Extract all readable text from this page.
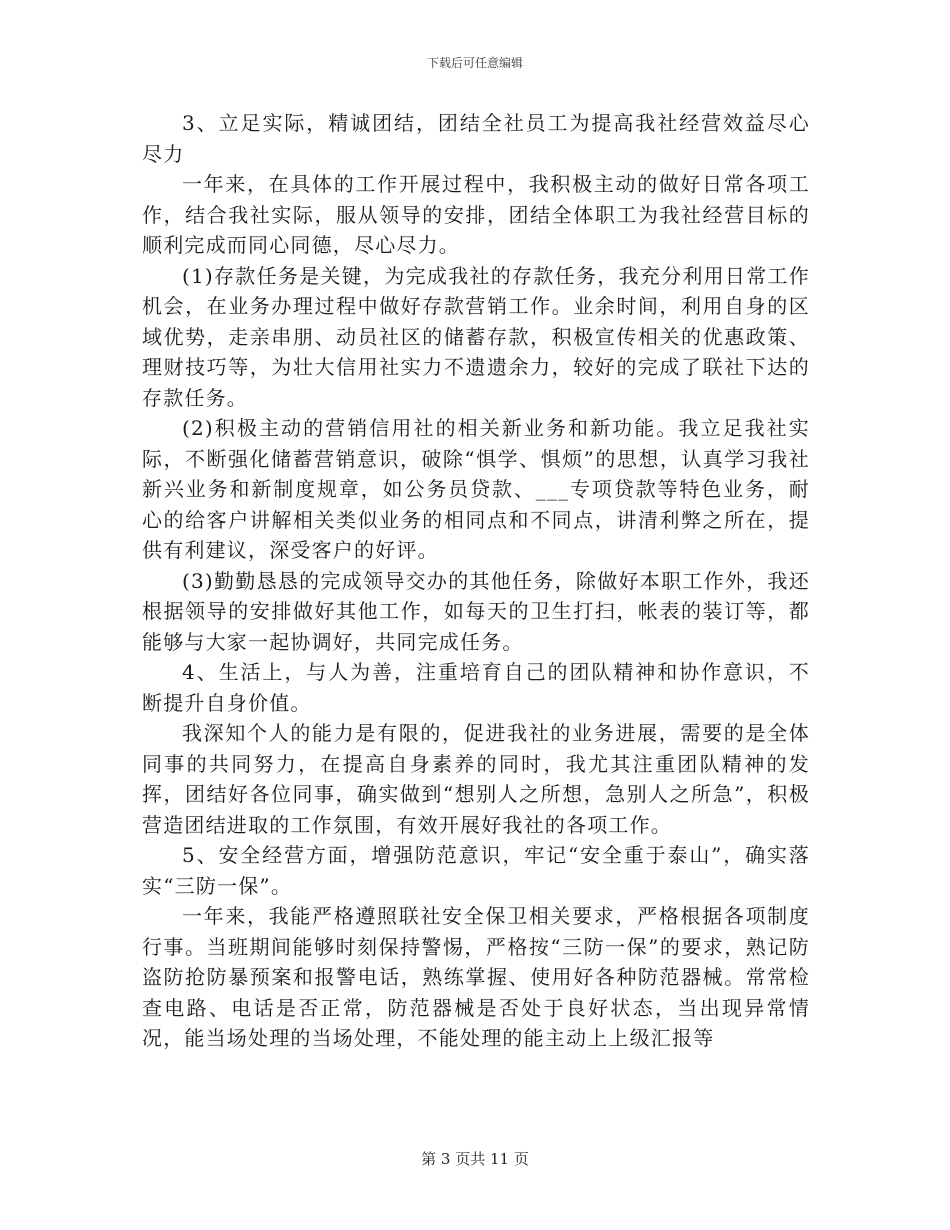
下载后可任意编辑

3、立足实际，精诚团结，团结全社员工为提高我社经营效益尽心尽力

一年来，在具体的工作开展过程中，我积极主动的做好日常各项工作，结合我社实际，服从领导的安排，团结全体职工为我社经营目标的顺利完成而同心同德，尽心尽力。

(1)存款任务是关键，为完成我社的存款任务，我充分利用日常工作机会，在业务办理过程中做好存款营销工作。业余时间，利用自身的区域优势，走亲串朋、动员社区的储蓄存款，积极宣传相关的优惠政策、理财技巧等，为壮大信用社实力不遗遗余力，较好的完成了联社下达的存款任务。

(2)积极主动的营销信用社的相关新业务和新功能。我立足我社实际，不断强化储蓄营销意识，破除“惧学、惧烦”的思想，认真学习我社新兴业务和新制度规章，如公务员贷款、___专项贷款等特色业务，耐心的给客户讲解相关类似业务的相同点和不同点，讲清利弊之所在，提供有利建议，深受客户的好评。

(3)勤勤恳恳的完成领导交办的其他任务，除做好本职工作外，我还根据领导的安排做好其他工作，如每天的卫生打扫，帐表的装订等，都能够与大家一起协调好，共同完成任务。

4、生活上，与人为善，注重培育自己的团队精神和协作意识，不断提升自身价值。

我深知个人的能力是有限的，促进我社的业务进展，需要的是全体同事的共同努力，在提高自身素养的同时，我尤其注重团队精神的发挥，团结好各位同事，确实做到“想别人之所想，急别人之所急”，积极营造团结进取的工作氛围，有效开展好我社的各项工作。

5、安全经营方面，增强防范意识，牢记“安全重于泰山”，确实落实“三防一保”。

一年来，我能严格遵照联社安全保卫相关要求，严格根据各项制度行事。当班期间能够时刻保持警惕，严格按“三防一保”的要求，熟记防盗防抢防暴预案和报警电话，熟练掌握、使用好各种防范器械。常常检查电路、电话是否正常，防范器械是否处于良好状态，当出现异常情况，能当场处理的当场处理，不能处理的能主动上上级汇报等

第 3 页共 11 页
